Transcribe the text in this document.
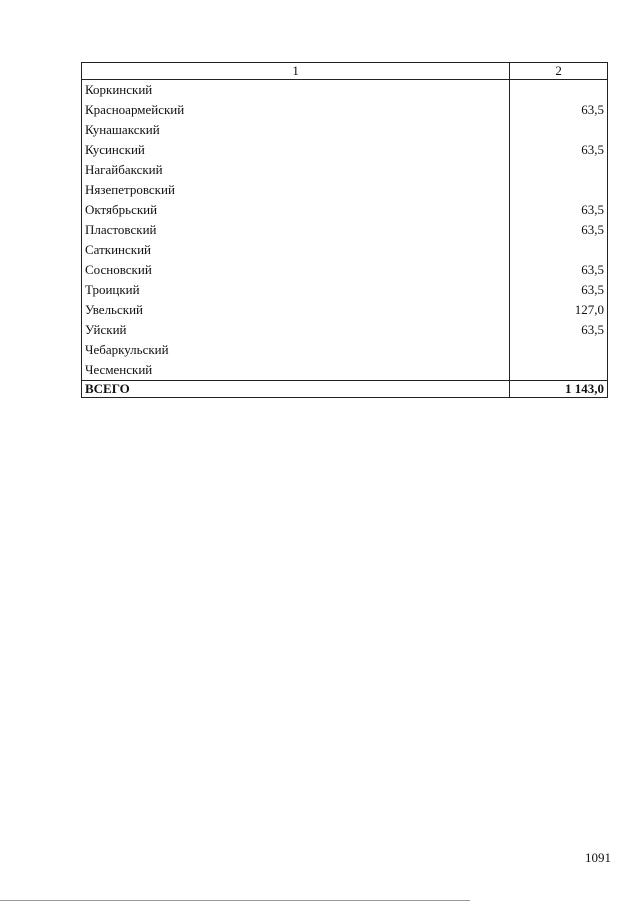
1	2
Коркинский	
Красноармейский	63,5
Кунашакский	
Кусинский	63,5
Нагайбакский	
Нязепетровский	
Октябрьский	63,5
Пластовский	63,5
Саткинский	
Сосновский	63,5
Троицкий	63,5
Увельский	127,0
Уйский	63,5
Чебаркульский	
Чесменский	
ВСЕГО	1 143,0
1091
